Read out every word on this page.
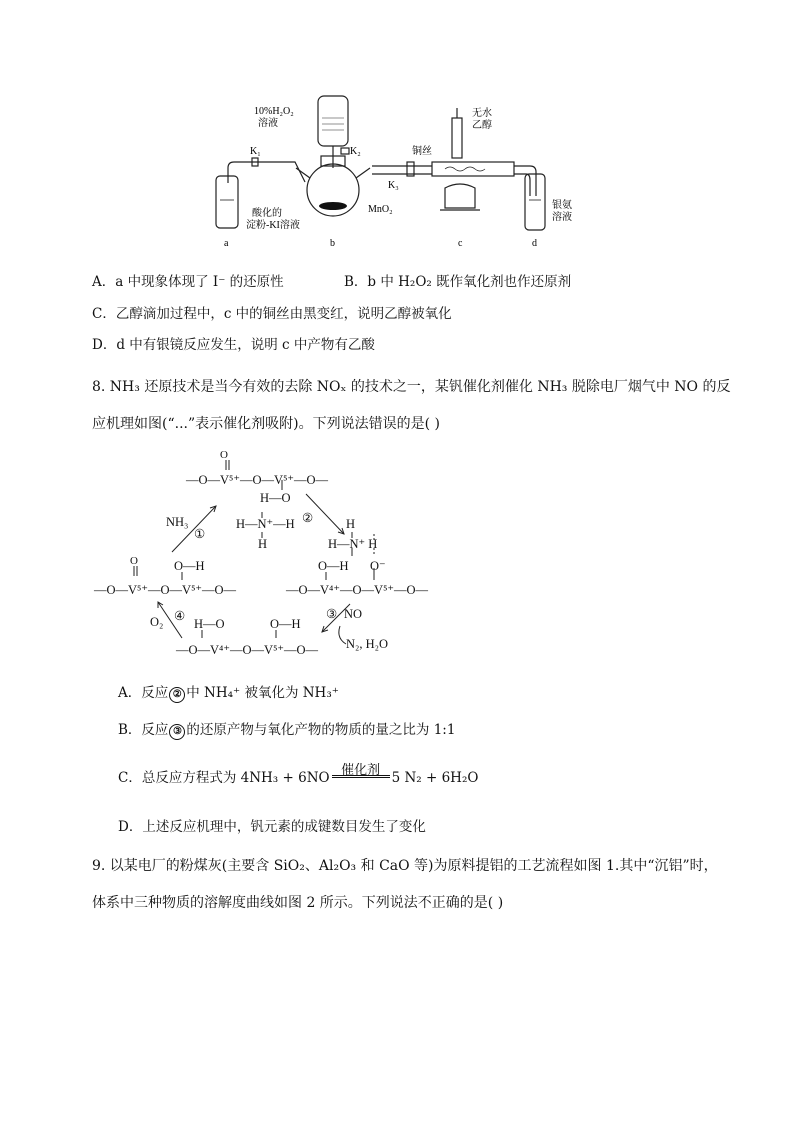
10%H₂O₂
溶液
K₁	K₂
K₃
铜丝
无水
乙醇
酸化的
淀粉-KI溶液
MnO₂	银氨
溶液
a	b	c	d
A．a 中现象体现了 I⁻ 的还原性	B．b 中 H₂O₂ 既作氧化剂也作还原剂
C．乙醇滴加过程中，c 中的铜丝由黑变红，说明乙醇被氧化
D．d 中有银镜反应发生，说明 c 中产物有乙酸
8. NH₃ 还原技术是当今有效的去除 NOₓ 的技术之一，某钒催化剂催化 NH₃ 脱除电厂烟气中 NO 的反
应机理如图(“...”表示催化剂吸附)。下列说法错误的是( )
O
—O—V⁵⁺—O—V⁵⁺—O—
H—O
H—N⁺—H
H
H
H—N⁺ H
O—H O⁻
—O—V⁴⁺—O—V⁵⁺—O—
O	O—H
—O—V⁵⁺—O—V⁵⁺—O—
H—O	O—H
—O—V⁴⁺—O—V⁵⁺—O—
NH₃
O₂
NO
N₂, H₂O
①
②
③
④
A．反应 ② 中 NH₄⁺ 被氧化为 NH₃⁺
B．反应 ③ 的还原产物与氧化产物的物质的量之比为 1:1
C．总反应方程式为 4NH₃ + 6NO 催化剂 5 N₂ + 6H₂O
D．上述反应机理中，钒元素的成键数目发生了变化
9. 以某电厂的粉煤灰(主要含 SiO₂、Al₂O₃ 和 CaO 等)为原料提铝的工艺流程如图 1.其中“沉铝”时，
体系中三种物质的溶解度曲线如图 2 所示。下列说法不正确的是( )
